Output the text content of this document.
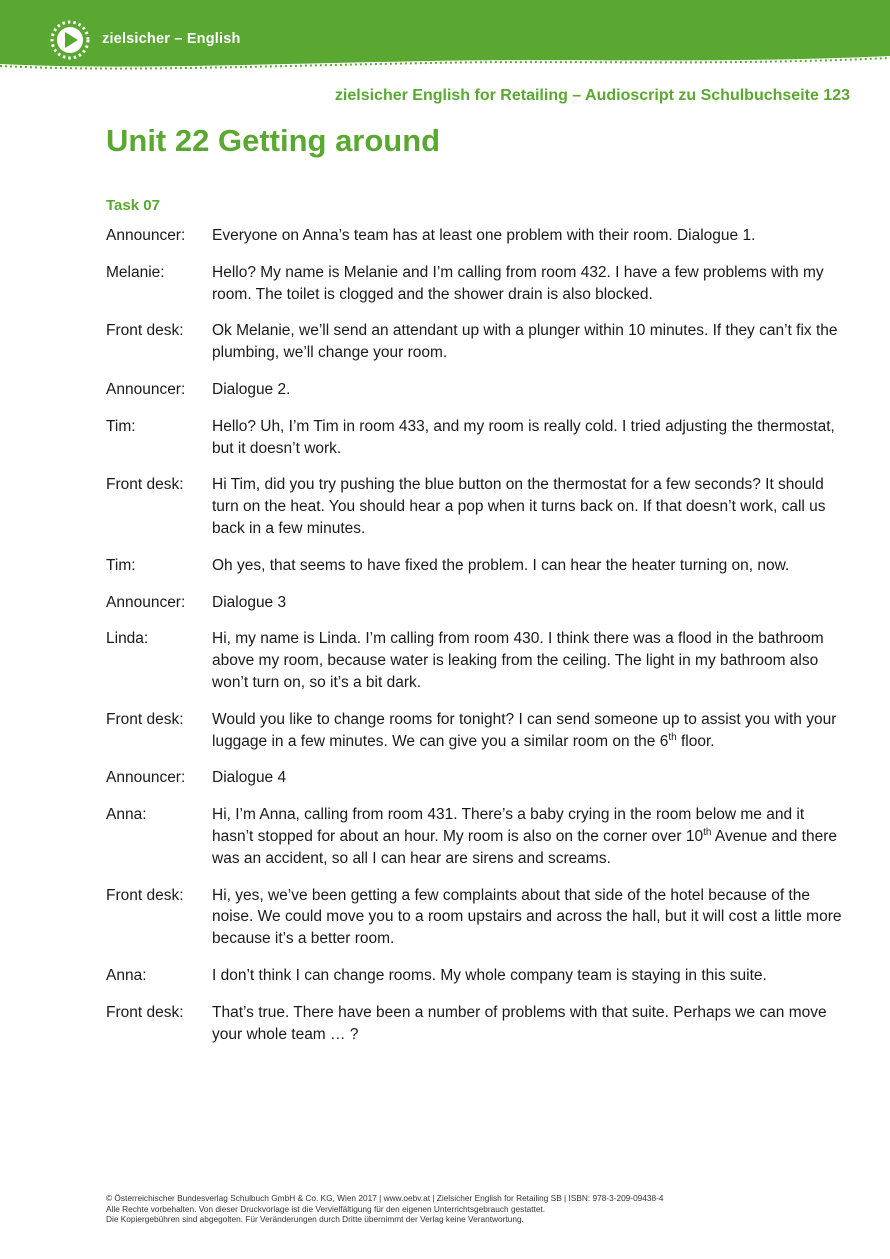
zielsicher – English
zielsicher English for Retailing – Audioscript zu Schulbuchseite 123
Unit 22 Getting around
Task 07
Announcer:	Everyone on Anna’s team has at least one problem with their room. Dialogue 1.
Melanie:	Hello? My name is Melanie and I’m calling from room 432. I have a few problems with my room. The toilet is clogged and the shower drain is also blocked.
Front desk:	Ok Melanie, we’ll send an attendant up with a plunger within 10 minutes. If they can’t fix the plumbing, we’ll change your room.
Announcer:	Dialogue 2.
Tim:	Hello? Uh, I’m Tim in room 433, and my room is really cold. I tried adjusting the thermostat, but it doesn’t work.
Front desk:	Hi Tim, did you try pushing the blue button on the thermostat for a few seconds? It should turn on the heat. You should hear a pop when it turns back on. If that doesn’t work, call us back in a few minutes.
Tim:	Oh yes, that seems to have fixed the problem. I can hear the heater turning on, now.
Announcer:	Dialogue 3
Linda:	Hi, my name is Linda. I’m calling from room 430. I think there was a flood in the bathroom above my room, because water is leaking from the ceiling. The light in my bathroom also won’t turn on, so it’s a bit dark.
Front desk:	Would you like to change rooms for tonight? I can send someone up to assist you with your luggage in a few minutes. We can give you a similar room on the 6th floor.
Announcer:	Dialogue 4
Anna:	Hi, I’m Anna, calling from room 431. There’s a baby crying in the room below me and it hasn’t stopped for about an hour. My room is also on the corner over 10th Avenue and there was an accident, so all I can hear are sirens and screams.
Front desk:	Hi, yes, we’ve been getting a few complaints about that side of the hotel because of the noise. We could move you to a room upstairs and across the hall, but it will cost a little more because it’s a better room.
Anna:	I don’t think I can change rooms. My whole company team is staying in this suite.
Front desk:	That’s true. There have been a number of problems with that suite. Perhaps we can move your whole team … ?
© Österreichischer Bundesverlag Schulbuch GmbH & Co. KG, Wien 2017 | www.oebv.at | Zielsicher English for Retailing SB | ISBN: 978-3-209-09438-4
Alle Rechte vorbehalten. Von dieser Druckvorlage ist die Vervielfältigung für den eigenen Unterrichtsgebrauch gestattet.
Die Kopiergebühren sind abgegolten. Für Veränderungen durch Dritte übernimmt der Verlag keine Verantwortung.
